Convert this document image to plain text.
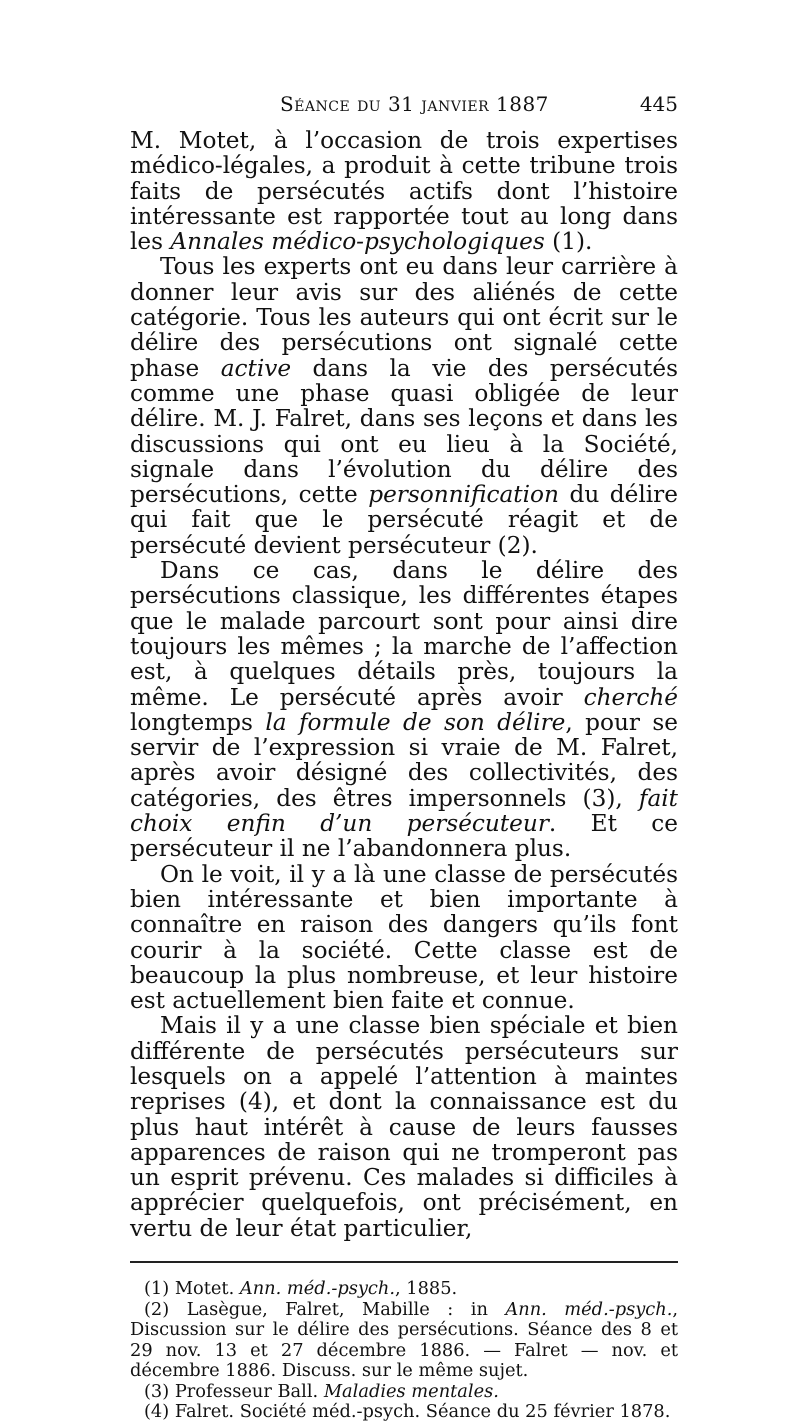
Séance du 31 janvier 1887	445

M. Motet, à l’occasion de trois expertises médico-légales, a produit à cette tribune trois faits de persécutés actifs dont l’histoire intéressante est rapportée tout au long dans les Annales médico-psychologiques (1).

Tous les experts ont eu dans leur carrière à donner leur avis sur des aliénés de cette catégorie. Tous les auteurs qui ont écrit sur le délire des persécutions ont signalé cette phase active dans la vie des persécutés comme une phase quasi obligée de leur délire. M. J. Falret, dans ses leçons et dans les discussions qui ont eu lieu à la Société, signale dans l’évolution du délire des persécutions, cette personnification du délire qui fait que le persécuté réagit et de persécuté devient persécuteur (2).

Dans ce cas, dans le délire des persécutions classique, les différentes étapes que le malade parcourt sont pour ainsi dire toujours les mêmes ; la marche de l’affection est, à quelques détails près, toujours la même. Le persécuté après avoir cherché longtemps la formule de son délire, pour se servir de l’expression si vraie de M. Falret, après avoir désigné des collectivités, des catégories, des êtres impersonnels (3), fait choix enfin d’un persécuteur. Et ce persécuteur il ne l’abandonnera plus.

On le voit, il y a là une classe de persécutés bien intéressante et bien importante à connaître en raison des dangers qu’ils font courir à la société. Cette classe est de beaucoup la plus nombreuse, et leur histoire est actuellement bien faite et connue.

Mais il y a une classe bien spéciale et bien différente de persécutés persécuteurs sur lesquels on a appelé l’attention à maintes reprises (4), et dont la connaissance est du plus haut intérêt à cause de leurs fausses apparences de raison qui ne tromperont pas un esprit prévenu. Ces malades si difficiles à apprécier quelquefois, ont précisément, en vertu de leur état particulier,

(1) Motet. Ann. méd.-psych., 1885.

(2) Lasègue, Falret, Mabille : in Ann. méd.-psych., Discussion sur le délire des persécutions. Séance des 8 et 29 nov. 13 et 27 décembre 1886. — Falret — nov. et décembre 1886. Discuss. sur le même sujet.

(3) Professeur Ball. Maladies mentales.

(4) Falret. Société méd.-psych. Séance du 25 février 1878.
